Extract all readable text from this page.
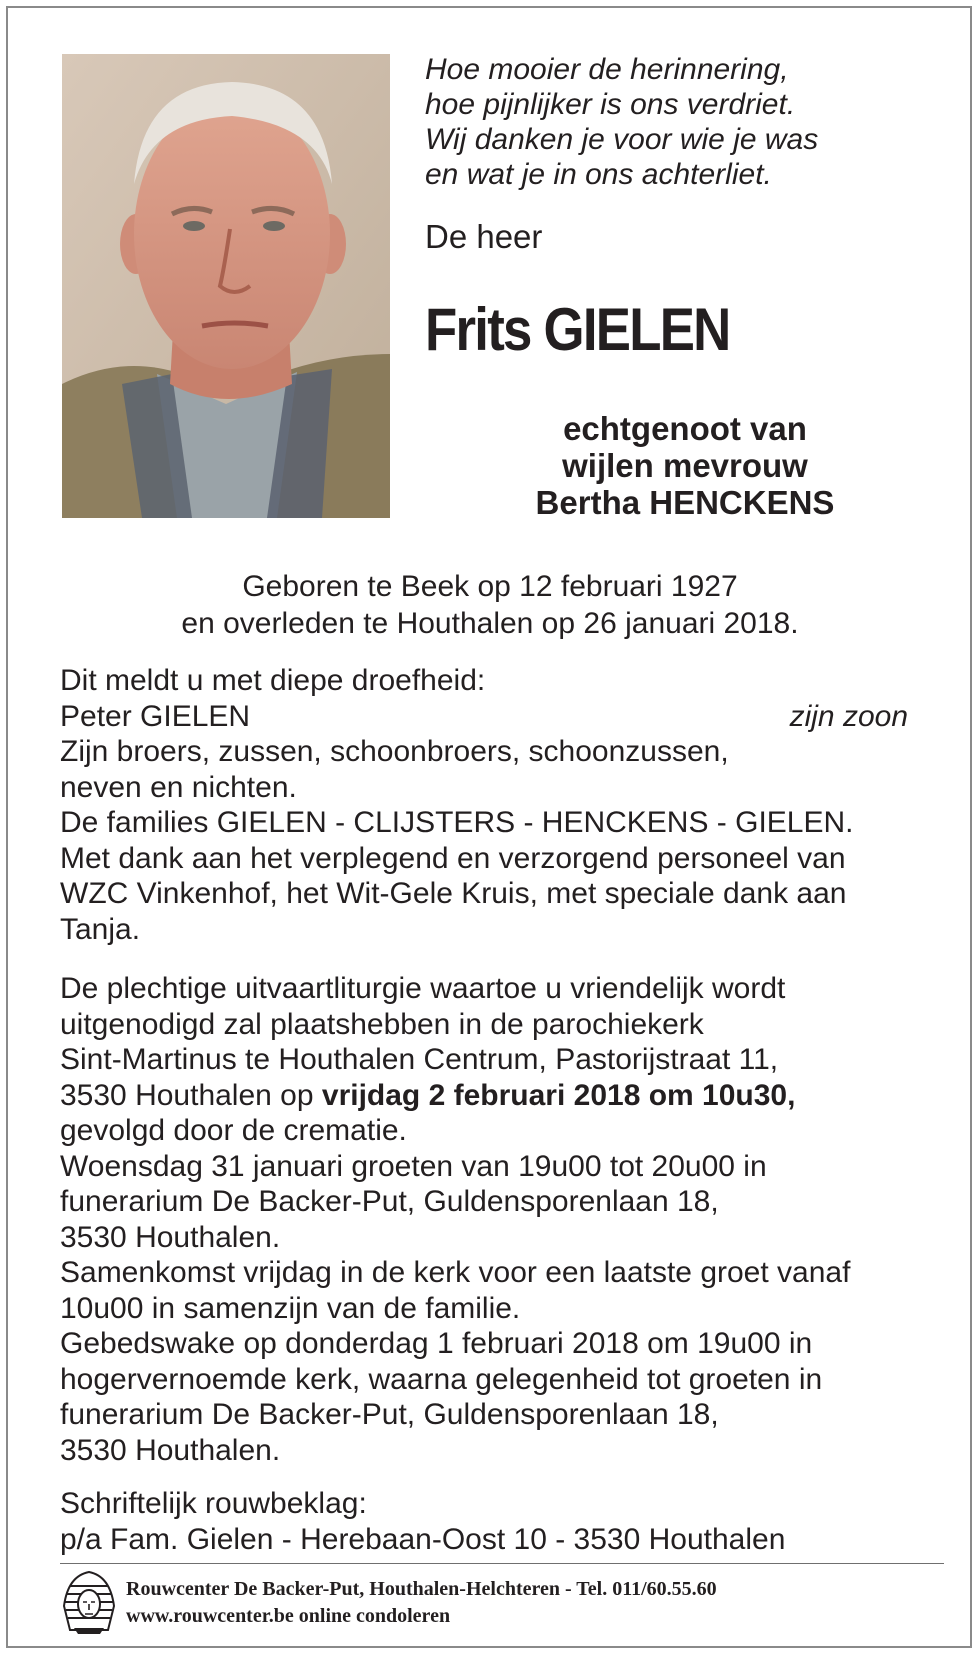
Hoe mooier de herinnering,
hoe pijnlijker is ons verdriet.
Wij danken je voor wie je was
en wat je in ons achterliet.
De heer
Frits GIELEN
echtgenoot van
wijlen mevrouw
Bertha HENCKENS
Geboren te Beek op 12 februari 1927
en overleden te Houthalen op 26 januari 2018.
Dit meldt u met diepe droefheid:
Peter GIELEN	zijn zoon
Zijn broers, zussen, schoonbroers, schoonzussen,
neven en nichten.
De families GIELEN - CLIJSTERS - HENCKENS - GIELEN.
Met dank aan het verplegend en verzorgend personeel van
WZC Vinkenhof, het Wit-Gele Kruis, met speciale dank aan
Tanja.
De plechtige uitvaartliturgie waartoe u vriendelijk wordt
uitgenodigd zal plaatshebben in de parochiekerk
Sint-Martinus te Houthalen Centrum, Pastorijstraat 11,
3530 Houthalen op vrijdag 2 februari 2018 om 10u30,
gevolgd door de crematie.
Woensdag 31 januari groeten van 19u00 tot 20u00 in
funerarium De Backer-Put, Guldensporenlaan 18,
3530 Houthalen.
Samenkomst vrijdag in de kerk voor een laatste groet vanaf
10u00 in samenzijn van de familie.
Gebedswake op donderdag 1 februari 2018 om 19u00 in
hogervernoemde kerk, waarna gelegenheid tot groeten in
funerarium De Backer-Put, Guldensporenlaan 18,
3530 Houthalen.
Schriftelijk rouwbeklag:
p/a Fam. Gielen - Herebaan-Oost 10 - 3530 Houthalen
Rouwcenter De Backer-Put, Houthalen-Helchteren - Tel. 011/60.55.60
www.rouwcenter.be online condoleren
